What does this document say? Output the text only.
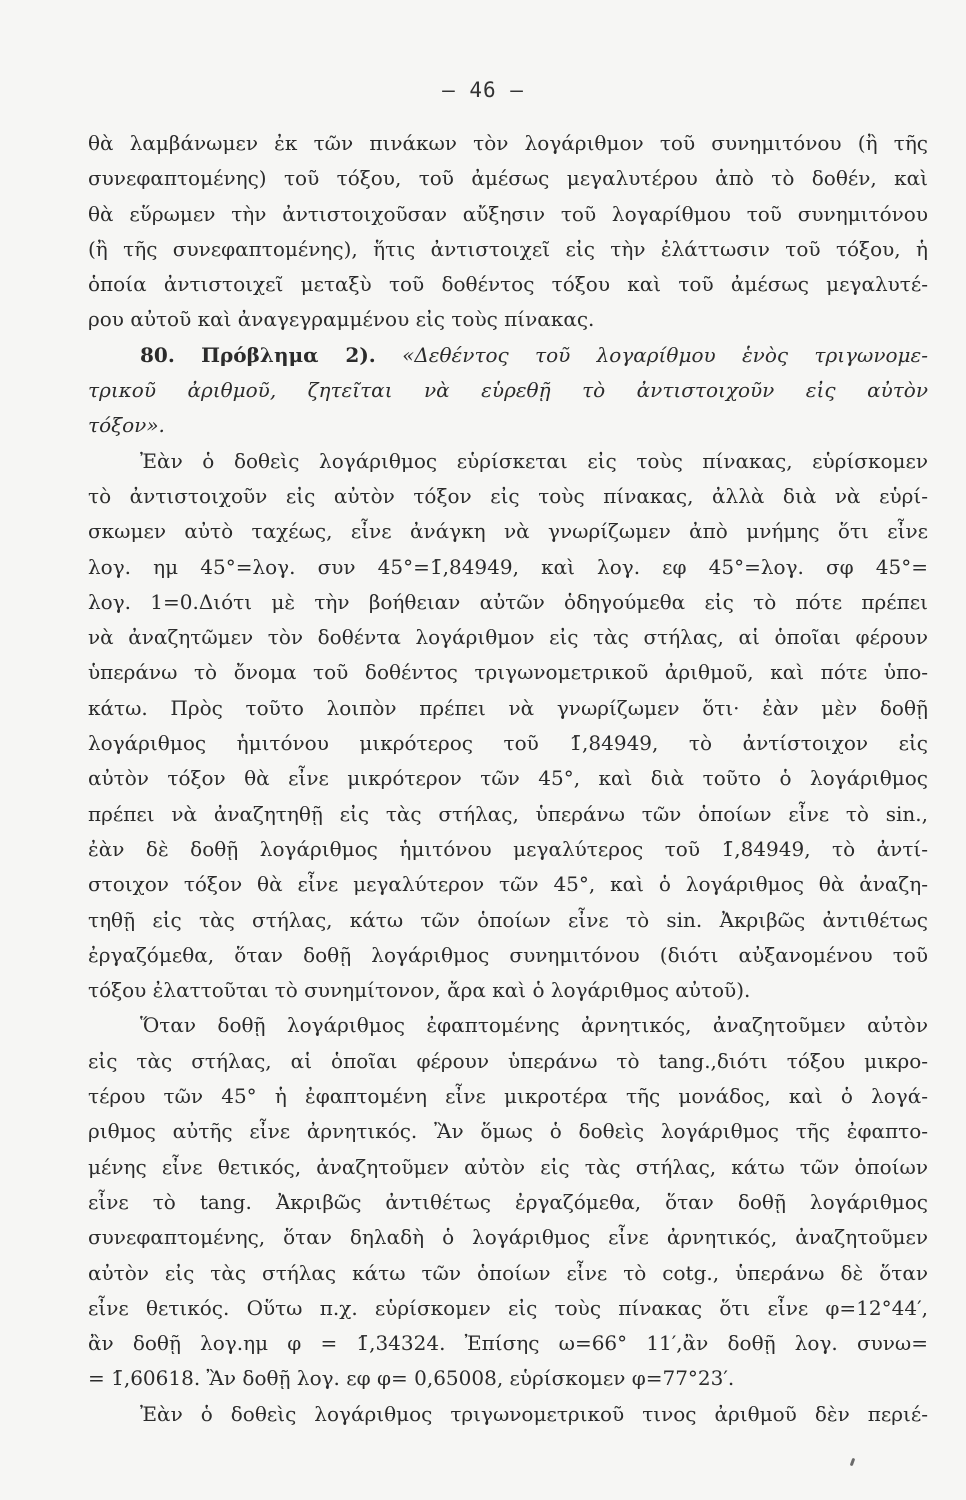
— 46 —
θὰ λαμβάνωμεν ἐκ τῶν πινάκων τὸν λογάριθμον τοῦ συνημιτόνου (ἢ τῆς
συνεφαπτομένης) τοῦ τόξου, τοῦ ἀμέσως μεγαλυτέρου ἀπὸ τὸ δοθέν, καὶ
θὰ εὕρωμεν τὴν ἀντιστοιχοῦσαν αὔξησιν τοῦ λογαρίθμου τοῦ συνημιτόνου
(ἢ τῆς συνεφαπτομένης), ἥτις ἀντιστοιχεῖ εἰς τὴν ἐλάττωσιν τοῦ τόξου, ἡ
ὁποία ἀντιστοιχεῖ μεταξὺ τοῦ δοθέντος τόξου καὶ τοῦ ἀμέσως μεγαλυτέ-
ρου αὐτοῦ καὶ ἀναγεγραμμένου εἰς τοὺς πίνακας.
80. Πρόβλημα 2). «Δεθέντος τοῦ λογαρίθμου ἑνὸς τριγωνομε-
τρικοῦ ἀριθμοῦ, ζητεῖται νὰ εὑρεθῇ τὸ ἀντιστοιχοῦν εἰς αὐτὸν
τόξον».
Ἐὰν ὁ δοθεὶς λογάριθμος εὑρίσκεται εἰς τοὺς πίνακας, εὑρίσκομεν
τὸ ἀντιστοιχοῦν εἰς αὐτὸν τόξον εἰς τοὺς πίνακας, ἀλλὰ διὰ νὰ εὑρί-
σκωμεν αὐτὸ ταχέως, εἶνε ἀνάγκη νὰ γνωρίζωμεν ἀπὸ μνήμης ὅτι εἶνε
λογ. ημ 45°=λογ. συν 45°=1̄,84949, καὶ λογ. εφ 45°=λογ. σφ 45°=
λογ. 1=0.Διότι μὲ τὴν βοήθειαν αὐτῶν ὁδηγούμεθα εἰς τὸ πότε πρέπει
νὰ ἀναζητῶμεν τὸν δοθέντα λογάριθμον εἰς τὰς στήλας, αἱ ὁποῖαι φέρουν
ὑπεράνω τὸ ὄνομα τοῦ δοθέντος τριγωνομετρικοῦ ἀριθμοῦ, καὶ πότε ὑπο-
κάτω. Πρὸς τοῦτο λοιπὸν πρέπει νὰ γνωρίζωμεν ὅτι· ἐὰν μὲν δοθῇ
λογάριθμος ἡμιτόνου μικρότερος τοῦ 1̄,84949, τὸ ἀντίστοιχον εἰς
αὐτὸν τόξον θὰ εἶνε μικρότερον τῶν 45°, καὶ διὰ τοῦτο ὁ λογάριθμος
πρέπει νὰ ἀναζητηθῇ εἰς τὰς στήλας, ὑπεράνω τῶν ὁποίων εἶνε τὸ sin.,
ἐὰν δὲ δοθῇ λογάριθμος ἡμιτόνου μεγαλύτερος τοῦ 1̄,84949, τὸ ἀντί-
στοιχον τόξον θὰ εἶνε μεγαλύτερον τῶν 45°, καὶ ὁ λογάριθμος θὰ ἀναζη-
τηθῇ εἰς τὰς στήλας, κάτω τῶν ὁποίων εἶνε τὸ sin. Ἀκριβῶς ἀντιθέτως
ἐργαζόμεθα, ὅταν δοθῇ λογάριθμος συνημιτόνου (διότι αὐξανομένου τοῦ
τόξου ἐλαττοῦται τὸ συνημίτονον, ἄρα καὶ ὁ λογάριθμος αὐτοῦ).
Ὅταν δοθῇ λογάριθμος ἐφαπτομένης ἀρνητικός, ἀναζητοῦμεν αὐτὸν
εἰς τὰς στήλας, αἱ ὁποῖαι φέρουν ὑπεράνω τὸ tang.,διότι τόξου μικρο-
τέρου τῶν 45° ἡ ἐφαπτομένη εἶνε μικροτέρα τῆς μονάδος, καὶ ὁ λογά-
ριθμος αὐτῆς εἶνε ἀρνητικός. Ἂν ὅμως ὁ δοθεὶς λογάριθμος τῆς ἐφαπτο-
μένης εἶνε θετικός, ἀναζητοῦμεν αὐτὸν εἰς τὰς στήλας, κάτω τῶν ὁποίων
εἶνε τὸ tang. Ἀκριβῶς ἀντιθέτως ἐργαζόμεθα, ὅταν δοθῇ λογάριθμος
συνεφαπτομένης, ὅταν δηλαδὴ ὁ λογάριθμος εἶνε ἀρνητικός, ἀναζητοῦμεν
αὐτὸν εἰς τὰς στήλας κάτω τῶν ὁποίων εἶνε τὸ cotg., ὑπεράνω δὲ ὅταν
εἶνε θετικός. Οὕτω π.χ. εὑρίσκομεν εἰς τοὺς πίνακας ὅτι εἶνε φ=12°44′,
ἂν δοθῇ λογ.ημ φ = 1̄,34324. Ἐπίσης ω=66° 11′,ἂν δοθῇ λογ. συνω=
= 1̄,60618. Ἂν δοθῇ λογ. εφ φ= 0,65008, εὑρίσκομεν φ=77°23′.
Ἐὰν ὁ δοθεὶς λογάριθμος τριγωνομετρικοῦ τινος ἀριθμοῦ δὲν περιέ-
